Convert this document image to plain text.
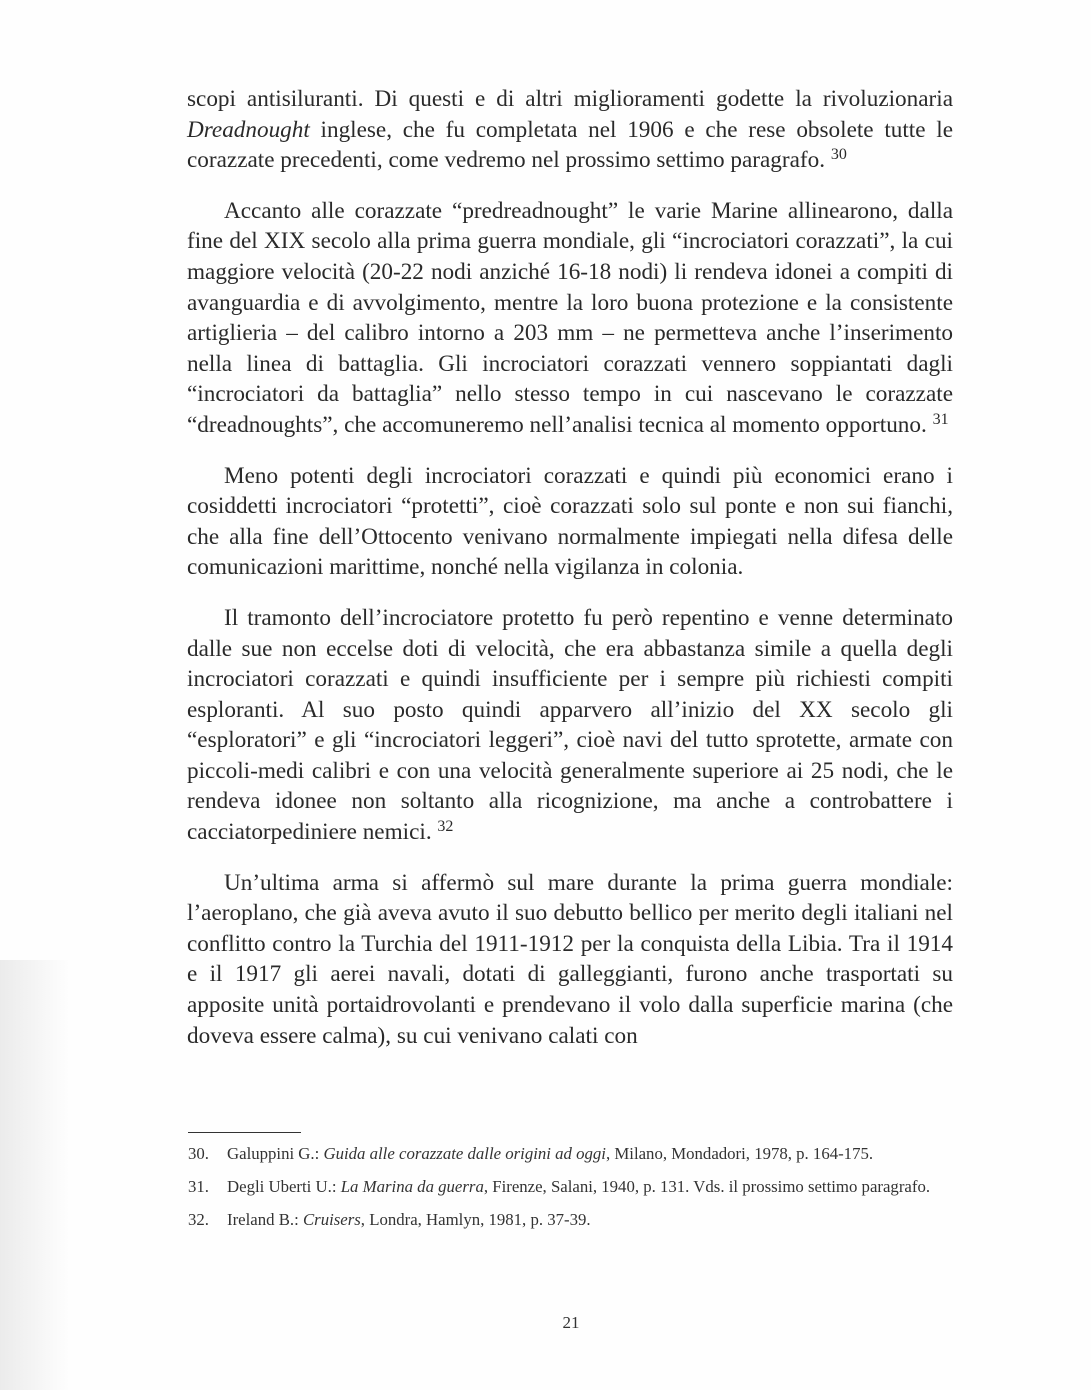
scopi antisiluranti. Di questi e di altri miglioramenti godette la rivoluzionaria Dreadnought inglese, che fu completata nel 1906 e che rese obsolete tutte le corazzate precedenti, come vedremo nel prossimo settimo paragrafo. $^{30}$

Accanto alle corazzate “predreadnought” le varie Marine allinearono, dalla fine del XIX secolo alla prima guerra mondiale, gli “incrociatori corazzati”, la cui maggiore velocità (20-22 nodi anziché 16-18 nodi) li rendeva idonei a compiti di avanguardia e di avvolgimento, mentre la loro buona protezione e la consistente artiglieria – del calibro intorno a 203 mm – ne permetteva anche l’inserimento nella linea di battaglia. Gli incrociatori corazzati vennero soppiantati dagli “incrociatori da battaglia” nello stesso tempo in cui nascevano le corazzate “dreadnoughts”, che accomuneremo nell’analisi tecnica al momento opportuno. $^{31}$

Meno potenti degli incrociatori corazzati e quindi più economici erano i cosiddetti incrociatori “protetti”, cioè corazzati solo sul ponte e non sui fianchi, che alla fine dell’Ottocento venivano normalmente impiegati nella difesa delle comunicazioni marittime, nonché nella vigilanza in colonia.

Il tramonto dell’incrociatore protetto fu però repentino e venne determinato dalle sue non eccelse doti di velocità, che era abbastanza simile a quella degli incrociatori corazzati e quindi insufficiente per i sempre più richiesti compiti esploranti. Al suo posto quindi apparvero all’inizio del XX secolo gli “esploratori” e gli “incrociatori leggeri”, cioè navi del tutto sprotette, armate con piccoli-medi calibri e con una velocità generalmente superiore ai 25 nodi, che le rendeva idonee non soltanto alla ricognizione, ma anche a controbattere i cacciatorpediniere nemici. $^{32}$

Un’ultima arma si affermò sul mare durante la prima guerra mondiale: l’aeroplano, che già aveva avuto il suo debutto bellico per merito degli italiani nel conflitto contro la Turchia del 1911-1912 per la conquista della Libia. Tra il 1914 e il 1917 gli aerei navali, dotati di galleggianti, furono anche trasportati su apposite unità portaidrovolanti e prendevano il volo dalla superficie marina (che doveva essere calma), su cui venivano calati con

30. Galuppini G.: Guida alle corazzate dalle origini ad oggi, Milano, Mondadori, 1978, p. 164-175.
31. Degli Uberti U.: La Marina da guerra, Firenze, Salani, 1940, p. 131. Vds. il prossimo settimo paragrafo.
32. Ireland B.: Cruisers, Londra, Hamlyn, 1981, p. 37-39.
21
